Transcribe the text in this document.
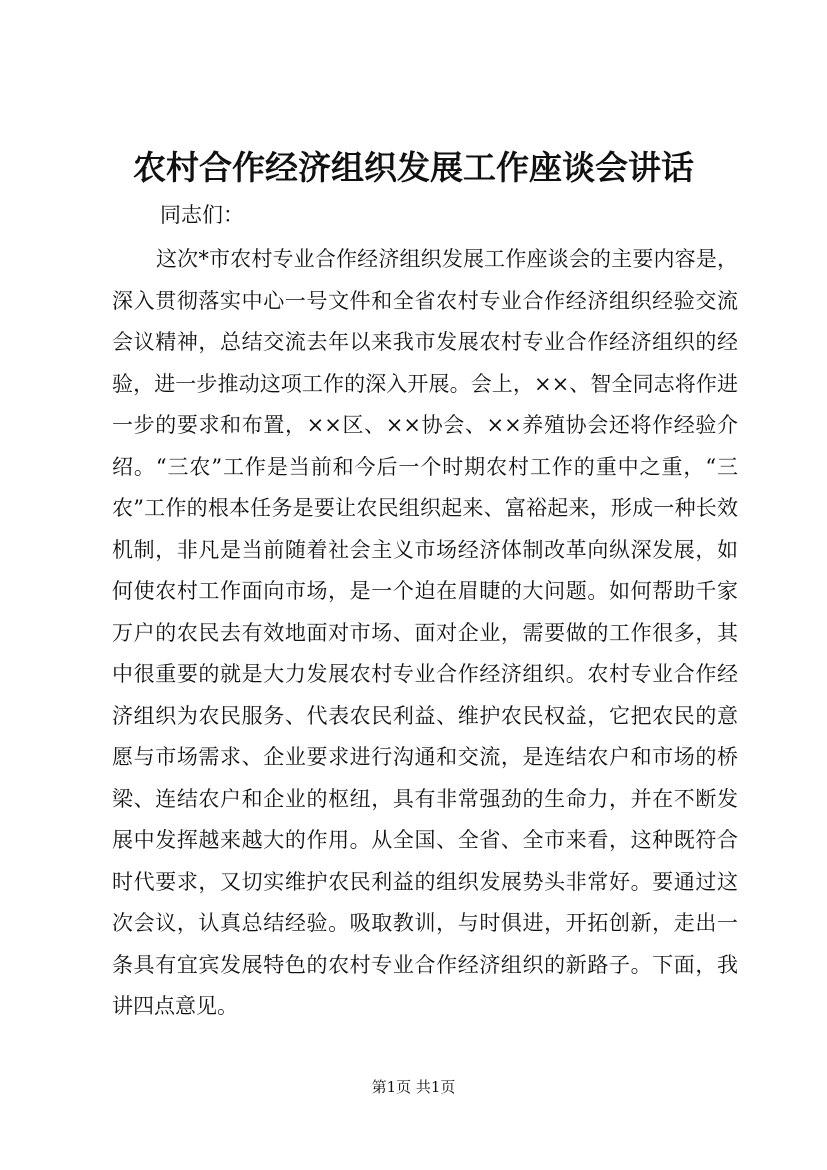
农村合作经济组织发展工作座谈会讲话

同志们：

这次*市农村专业合作经济组织发展工作座谈会的主要内容是，深入贯彻落实中心一号文件和全省农村专业合作经济组织经验交流会议精神，总结交流去年以来我市发展农村专业合作经济组织的经验，进一步推动这项工作的深入开展。会上，××、智全同志将作进一步的要求和布置，××区、××协会、××养殖协会还将作经验介绍。“三农”工作是当前和今后一个时期农村工作的重中之重，“三农”工作的根本任务是要让农民组织起来、富裕起来，形成一种长效机制，非凡是当前随着社会主义市场经济体制改革向纵深发展，如何使农村工作面向市场，是一个迫在眉睫的大问题。如何帮助千家万户的农民去有效地面对市场、面对企业，需要做的工作很多，其中很重要的就是大力发展农村专业合作经济组织。农村专业合作经济组织为农民服务、代表农民利益、维护农民权益，它把农民的意愿与市场需求、企业要求进行沟通和交流，是连结农户和市场的桥梁、连结农户和企业的枢纽，具有非常强劲的生命力，并在不断发展中发挥越来越大的作用。从全国、全省、全市来看，这种既符合时代要求，又切实维护农民利益的组织发展势头非常好。要通过这次会议，认真总结经验。吸取教训，与时俱进，开拓创新，走出一条具有宜宾发展特色的农村专业合作经济组织的新路子。下面，我讲四点意见。

第1页 共1页
